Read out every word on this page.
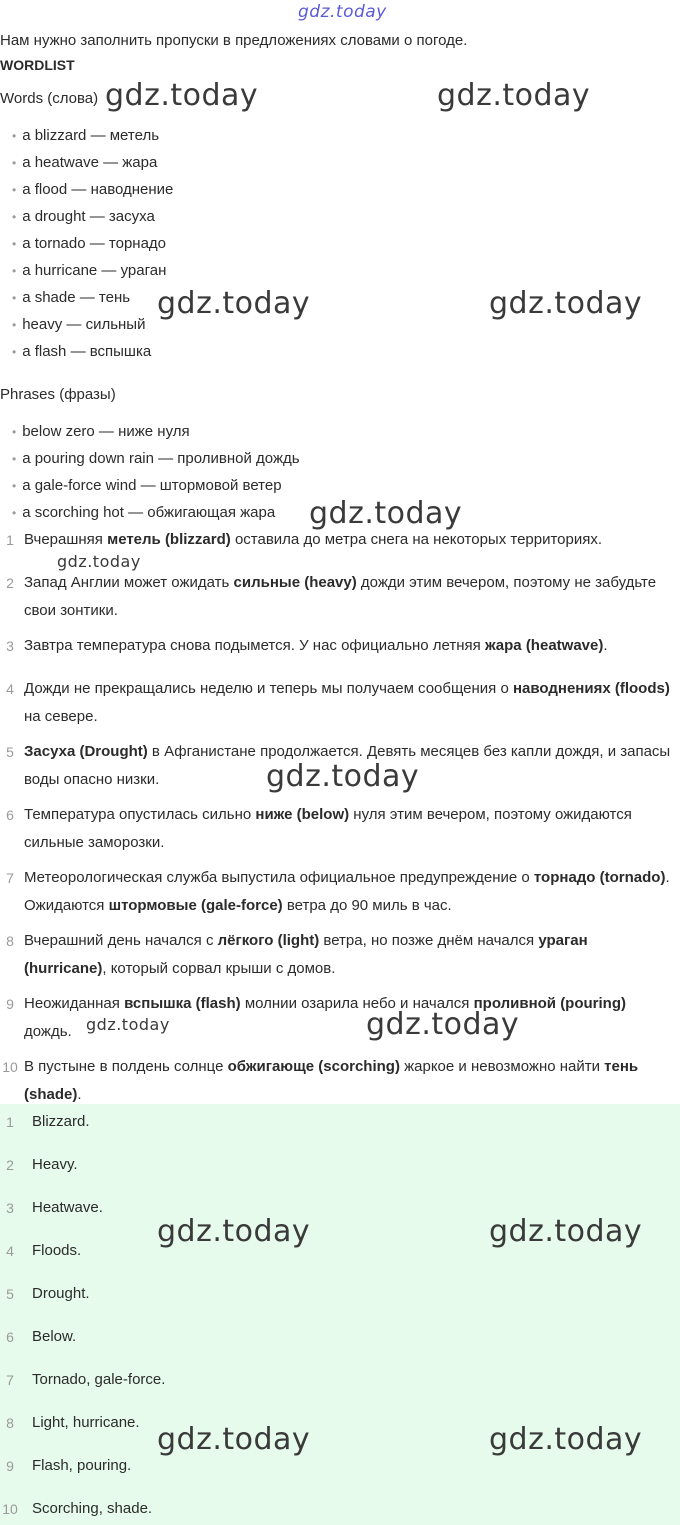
gdz.today
Нам нужно заполнить пропуски в предложениях словами о погоде.
WORDLIST
Words (слова)
• a blizzard — метель
• a heatwave — жара
• a flood — наводнение
• a drought — засуха
• a tornado — торнадо
• a hurricane — ураган
• a shade — тень
• heavy — сильный
• a flash — вспышка
Phrases (фразы)
• below zero — ниже нуля
• a pouring down rain — проливной дождь
• a gale-force wind — штормовой ветер
• a scorching hot — обжигающая жара
1 Вчерашняя метель (blizzard) оставила до метра снега на некоторых территориях.
2 Запад Англии может ожидать сильные (heavy) дожди этим вечером, поэтому не забудьте свои зонтики.
3 Завтра температура снова подымется. У нас официально летняя жара (heatwave).
4 Дожди не прекращались неделю и теперь мы получаем сообщения о наводнениях (floods) на севере.
5 Засуха (Drought) в Афганистане продолжается. Девять месяцев без капли дождя, и запасы воды опасно низки.
6 Температура опустилась сильно ниже (below) нуля этим вечером, поэтому ожидаются сильные заморозки.
7 Метеорологическая служба выпустила официальное предупреждение о торнадо (tornado). Ожидаются штормовые (gale-force) ветра до 90 миль в час.
8 Вчерашний день начался с лёгкого (light) ветра, но позже днём начался ураган (hurricane), который сорвал крыши с домов.
9 Неожиданная вспышка (flash) молнии озарила небо и начался проливной (pouring) дождь.
10 В пустыне в полдень солнце обжигающе (scorching) жаркое и невозможно найти тень (shade).
1	Blizzard.
2	Heavy.
3	Heatwave.
4	Floods.
5	Drought.
6	Below.
7	Tornado, gale-force.
8	Light, hurricane.
9	Flash, pouring.
10 Scorching, shade.
gdz.today	gdz.today
gdz.today	gdz.today
gdz.today
gdz.today
gdz.today
gdz.today	gdz.today
gdz.today	gdz.today
gdz.today	gdz.today
